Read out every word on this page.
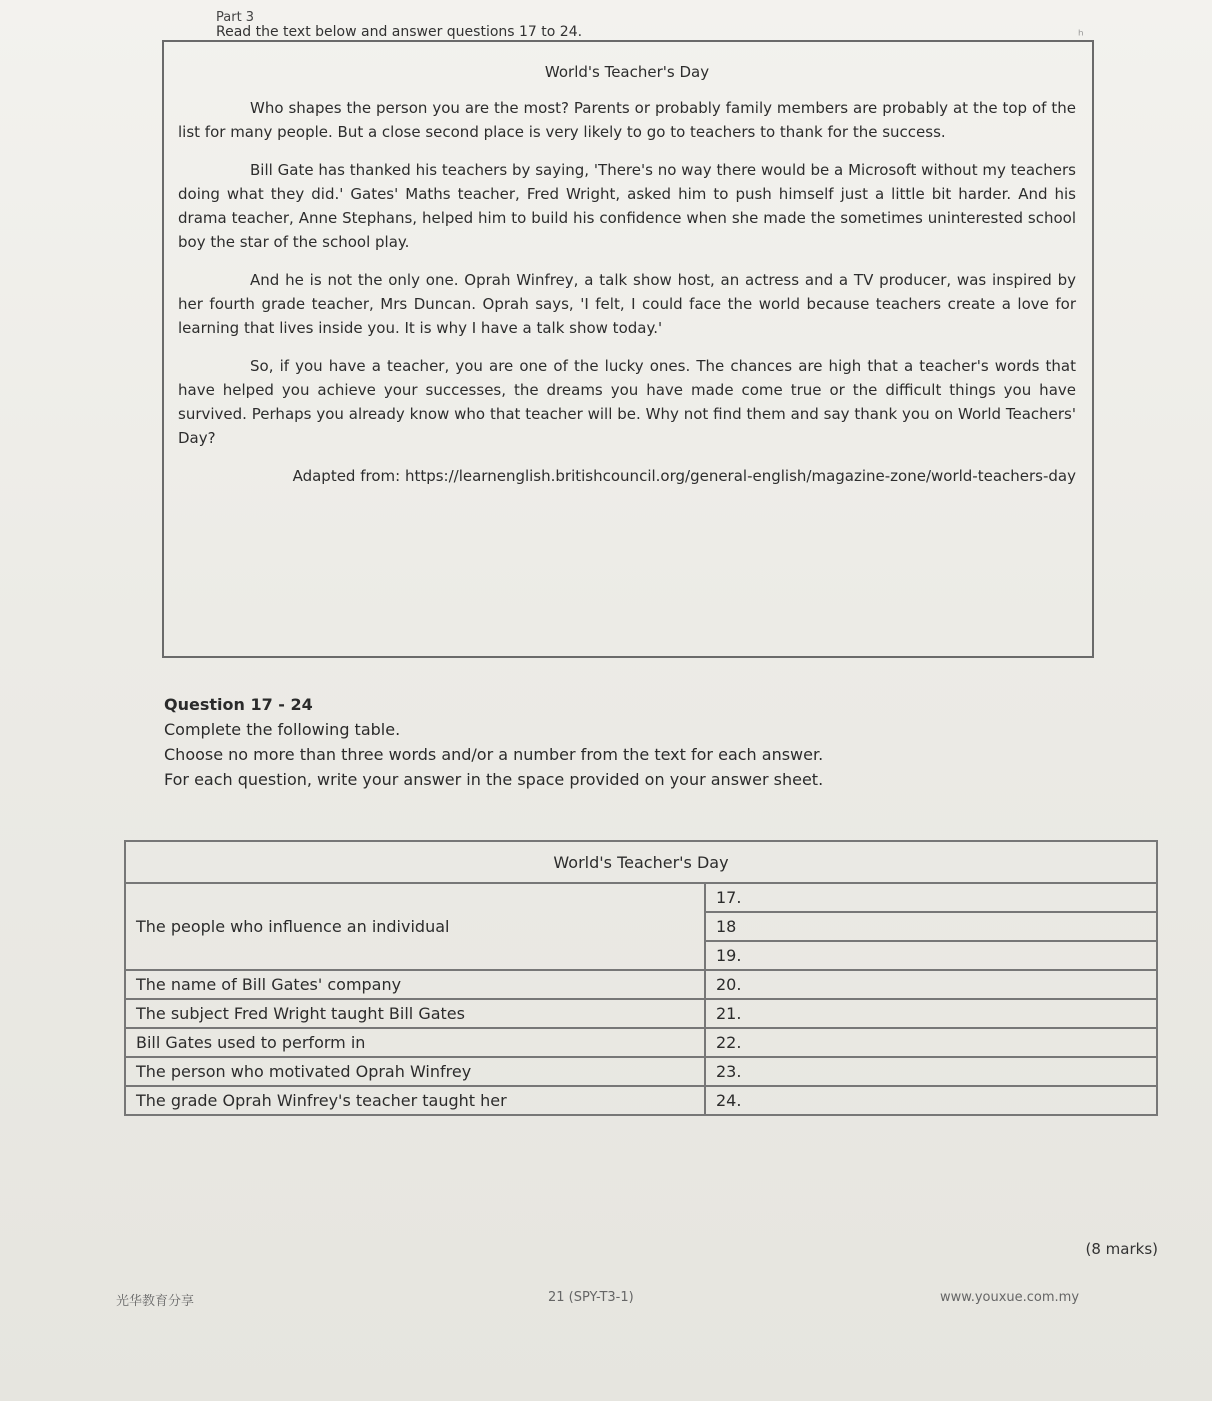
Part 3
Read the text below and answer questions 17 to 24.	ʰ
World's Teacher's Day

Who shapes the person you are the most? Parents or probably family members are probably at the top of the list for many people. But a close second place is very likely to go to teachers to thank for the success.

Bill Gate has thanked his teachers by saying, 'There's no way there would be a Microsoft without my teachers doing what they did.' Gates' Maths teacher, Fred Wright, asked him to push himself just a little bit harder. And his drama teacher, Anne Stephans, helped him to build his confidence when she made the sometimes uninterested school boy the star of the school play.

And he is not the only one. Oprah Winfrey, a talk show host, an actress and a TV producer, was inspired by her fourth grade teacher, Mrs Duncan. Oprah says, 'I felt, I could face the world because teachers create a love for learning that lives inside you. It is why I have a talk show today.'

So, if you have a teacher, you are one of the lucky ones. The chances are high that a teacher's words that have helped you achieve your successes, the dreams you have made come true or the difficult things you have survived. Perhaps you already know who that teacher will be. Why not find them and say thank you on World Teachers' Day?

Adapted from: https://learnenglish.britishcouncil.org/general-english/magazine-zone/world-teachers-day
Question 17 - 24
Complete the following table.
Choose no more than three words and/or a number from the text for each answer.
For each question, write your answer in the space provided on your answer sheet.
World's Teacher's Day	
The people who influence an individual	17.
	18
	19.
The name of Bill Gates' company	20.
The subject Fred Wright taught Bill Gates	21.
Bill Gates used to perform in	22.
The person who motivated Oprah Winfrey	23.
The grade Oprah Winfrey's teacher taught her	24.
(8 marks)
光华教育分享	21 (SPY-T3-1)	www.youxue.com.my
